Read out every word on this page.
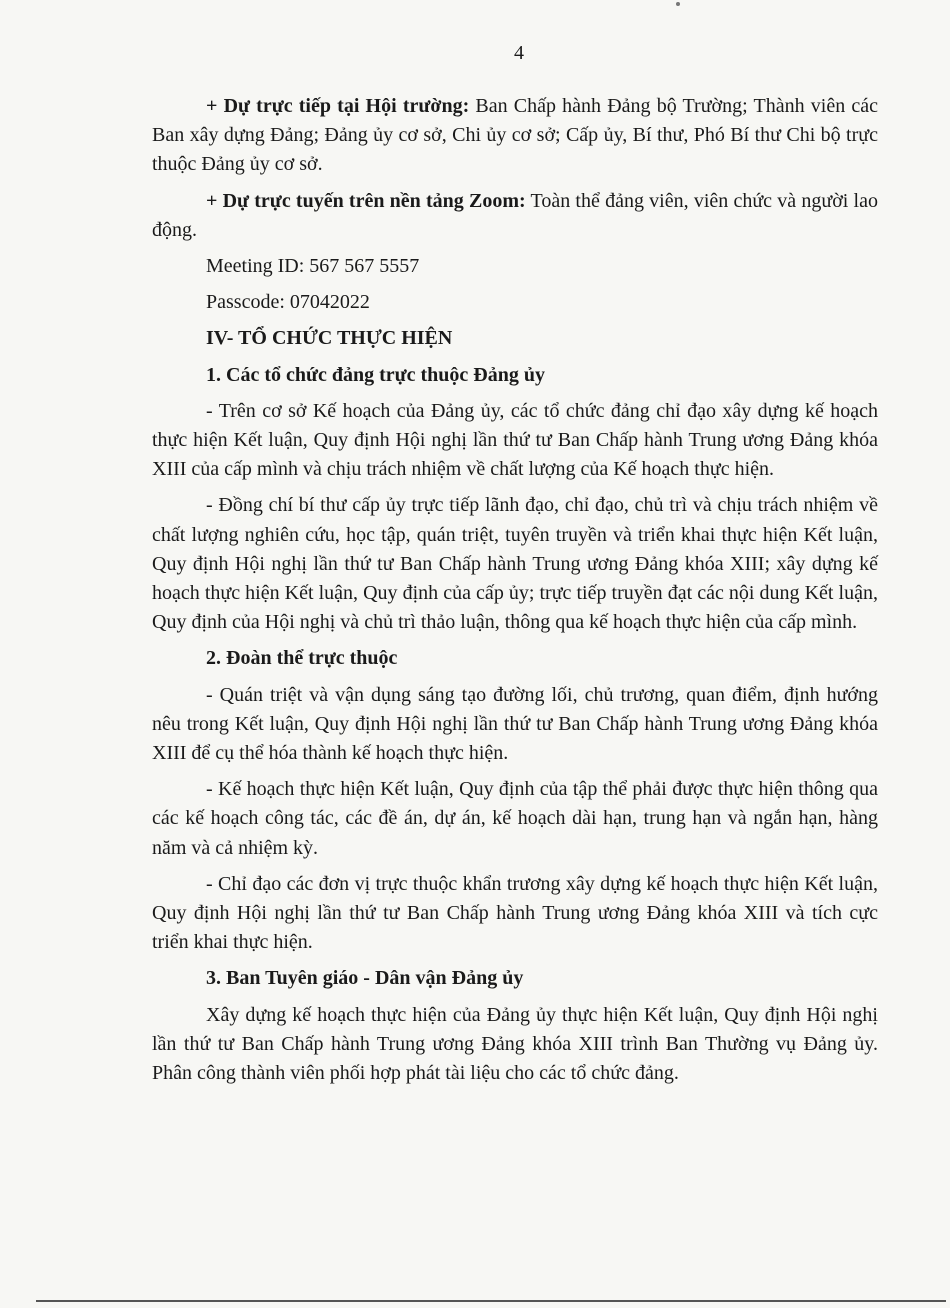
4

+ Dự trực tiếp tại Hội trường: Ban Chấp hành Đảng bộ Trường; Thành viên các Ban xây dựng Đảng; Đảng ủy cơ sở, Chi ủy cơ sở; Cấp ủy, Bí thư, Phó Bí thư Chi bộ trực thuộc Đảng ủy cơ sở.

+ Dự trực tuyến trên nền tảng Zoom: Toàn thể đảng viên, viên chức và người lao động.

Meeting ID: 567 567 5557

Passcode: 07042022

IV- TỔ CHỨC THỰC HIỆN
1. Các tổ chức đảng trực thuộc Đảng ủy

- Trên cơ sở Kế hoạch của Đảng ủy, các tổ chức đảng chỉ đạo xây dựng kế hoạch thực hiện Kết luận, Quy định Hội nghị lần thứ tư Ban Chấp hành Trung ương Đảng khóa XIII của cấp mình và chịu trách nhiệm về chất lượng của Kế hoạch thực hiện.

- Đồng chí bí thư cấp ủy trực tiếp lãnh đạo, chỉ đạo, chủ trì và chịu trách nhiệm về chất lượng nghiên cứu, học tập, quán triệt, tuyên truyền và triển khai thực hiện Kết luận, Quy định Hội nghị lần thứ tư Ban Chấp hành Trung ương Đảng khóa XIII; xây dựng kế hoạch thực hiện Kết luận, Quy định của cấp ủy; trực tiếp truyền đạt các nội dung Kết luận, Quy định của Hội nghị và chủ trì thảo luận, thông qua kế hoạch thực hiện của cấp mình.

2. Đoàn thể trực thuộc

- Quán triệt và vận dụng sáng tạo đường lối, chủ trương, quan điểm, định hướng nêu trong Kết luận, Quy định Hội nghị lần thứ tư Ban Chấp hành Trung ương Đảng khóa XIII để cụ thể hóa thành kế hoạch thực hiện.

- Kế hoạch thực hiện Kết luận, Quy định của tập thể phải được thực hiện thông qua các kế hoạch công tác, các đề án, dự án, kế hoạch dài hạn, trung hạn và ngắn hạn, hàng năm và cả nhiệm kỳ.

- Chỉ đạo các đơn vị trực thuộc khẩn trương xây dựng kế hoạch thực hiện Kết luận, Quy định Hội nghị lần thứ tư Ban Chấp hành Trung ương Đảng khóa XIII và tích cực triển khai thực hiện.

3. Ban Tuyên giáo - Dân vận Đảng ủy

Xây dựng kế hoạch thực hiện của Đảng ủy thực hiện Kết luận, Quy định Hội nghị lần thứ tư Ban Chấp hành Trung ương Đảng khóa XIII trình Ban Thường vụ Đảng ủy. Phân công thành viên phối hợp phát tài liệu cho các tổ chức đảng.
